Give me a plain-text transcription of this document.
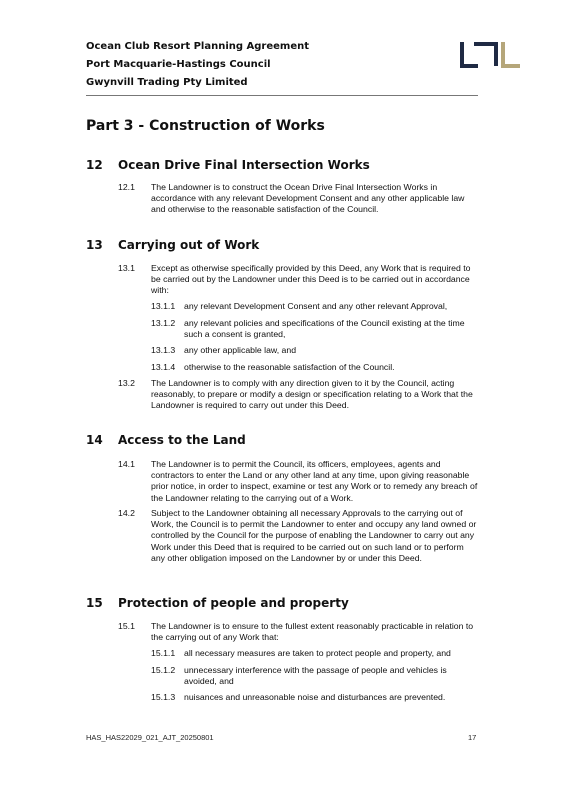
Ocean Club Resort Planning Agreement
Port Macquarie-Hastings Council
Gwynvill Trading Pty Limited
Part 3 - Construction of Works
12 Ocean Drive Final Intersection Works
12.1 The Landowner is to construct the Ocean Drive Final Intersection Works in accordance with any relevant Development Consent and any other applicable law and otherwise to the reasonable satisfaction of the Council.
13 Carrying out of Work
13.1 Except as otherwise specifically provided by this Deed, any Work that is required to be carried out by the Landowner under this Deed is to be carried out in accordance with:
13.1.1 any relevant Development Consent and any other relevant Approval,
13.1.2 any relevant policies and specifications of the Council existing at the time such a consent is granted,
13.1.3 any other applicable law, and
13.1.4 otherwise to the reasonable satisfaction of the Council.
13.2 The Landowner is to comply with any direction given to it by the Council, acting reasonably, to prepare or modify a design or specification relating to a Work that the Landowner is required to carry out under this Deed.
14 Access to the Land
14.1 The Landowner is to permit the Council, its officers, employees, agents and contractors to enter the Land or any other land at any time, upon giving reasonable prior notice, in order to inspect, examine or test any Work or to remedy any breach of the Landowner relating to the carrying out of a Work.
14.2 Subject to the Landowner obtaining all necessary Approvals to the carrying out of Work, the Council is to permit the Landowner to enter and occupy any land owned or controlled by the Council for the purpose of enabling the Landowner to carry out any Work under this Deed that is required to be carried out on such land or to perform any other obligation imposed on the Landowner by or under this Deed.
15 Protection of people and property
15.1 The Landowner is to ensure to the fullest extent reasonably practicable in relation to the carrying out of any Work that:
15.1.1 all necessary measures are taken to protect people and property, and
15.1.2 unnecessary interference with the passage of people and vehicles is avoided, and
15.1.3 nuisances and unreasonable noise and disturbances are prevented.
HAS_HAS22029_021_AJT_20250801	17
